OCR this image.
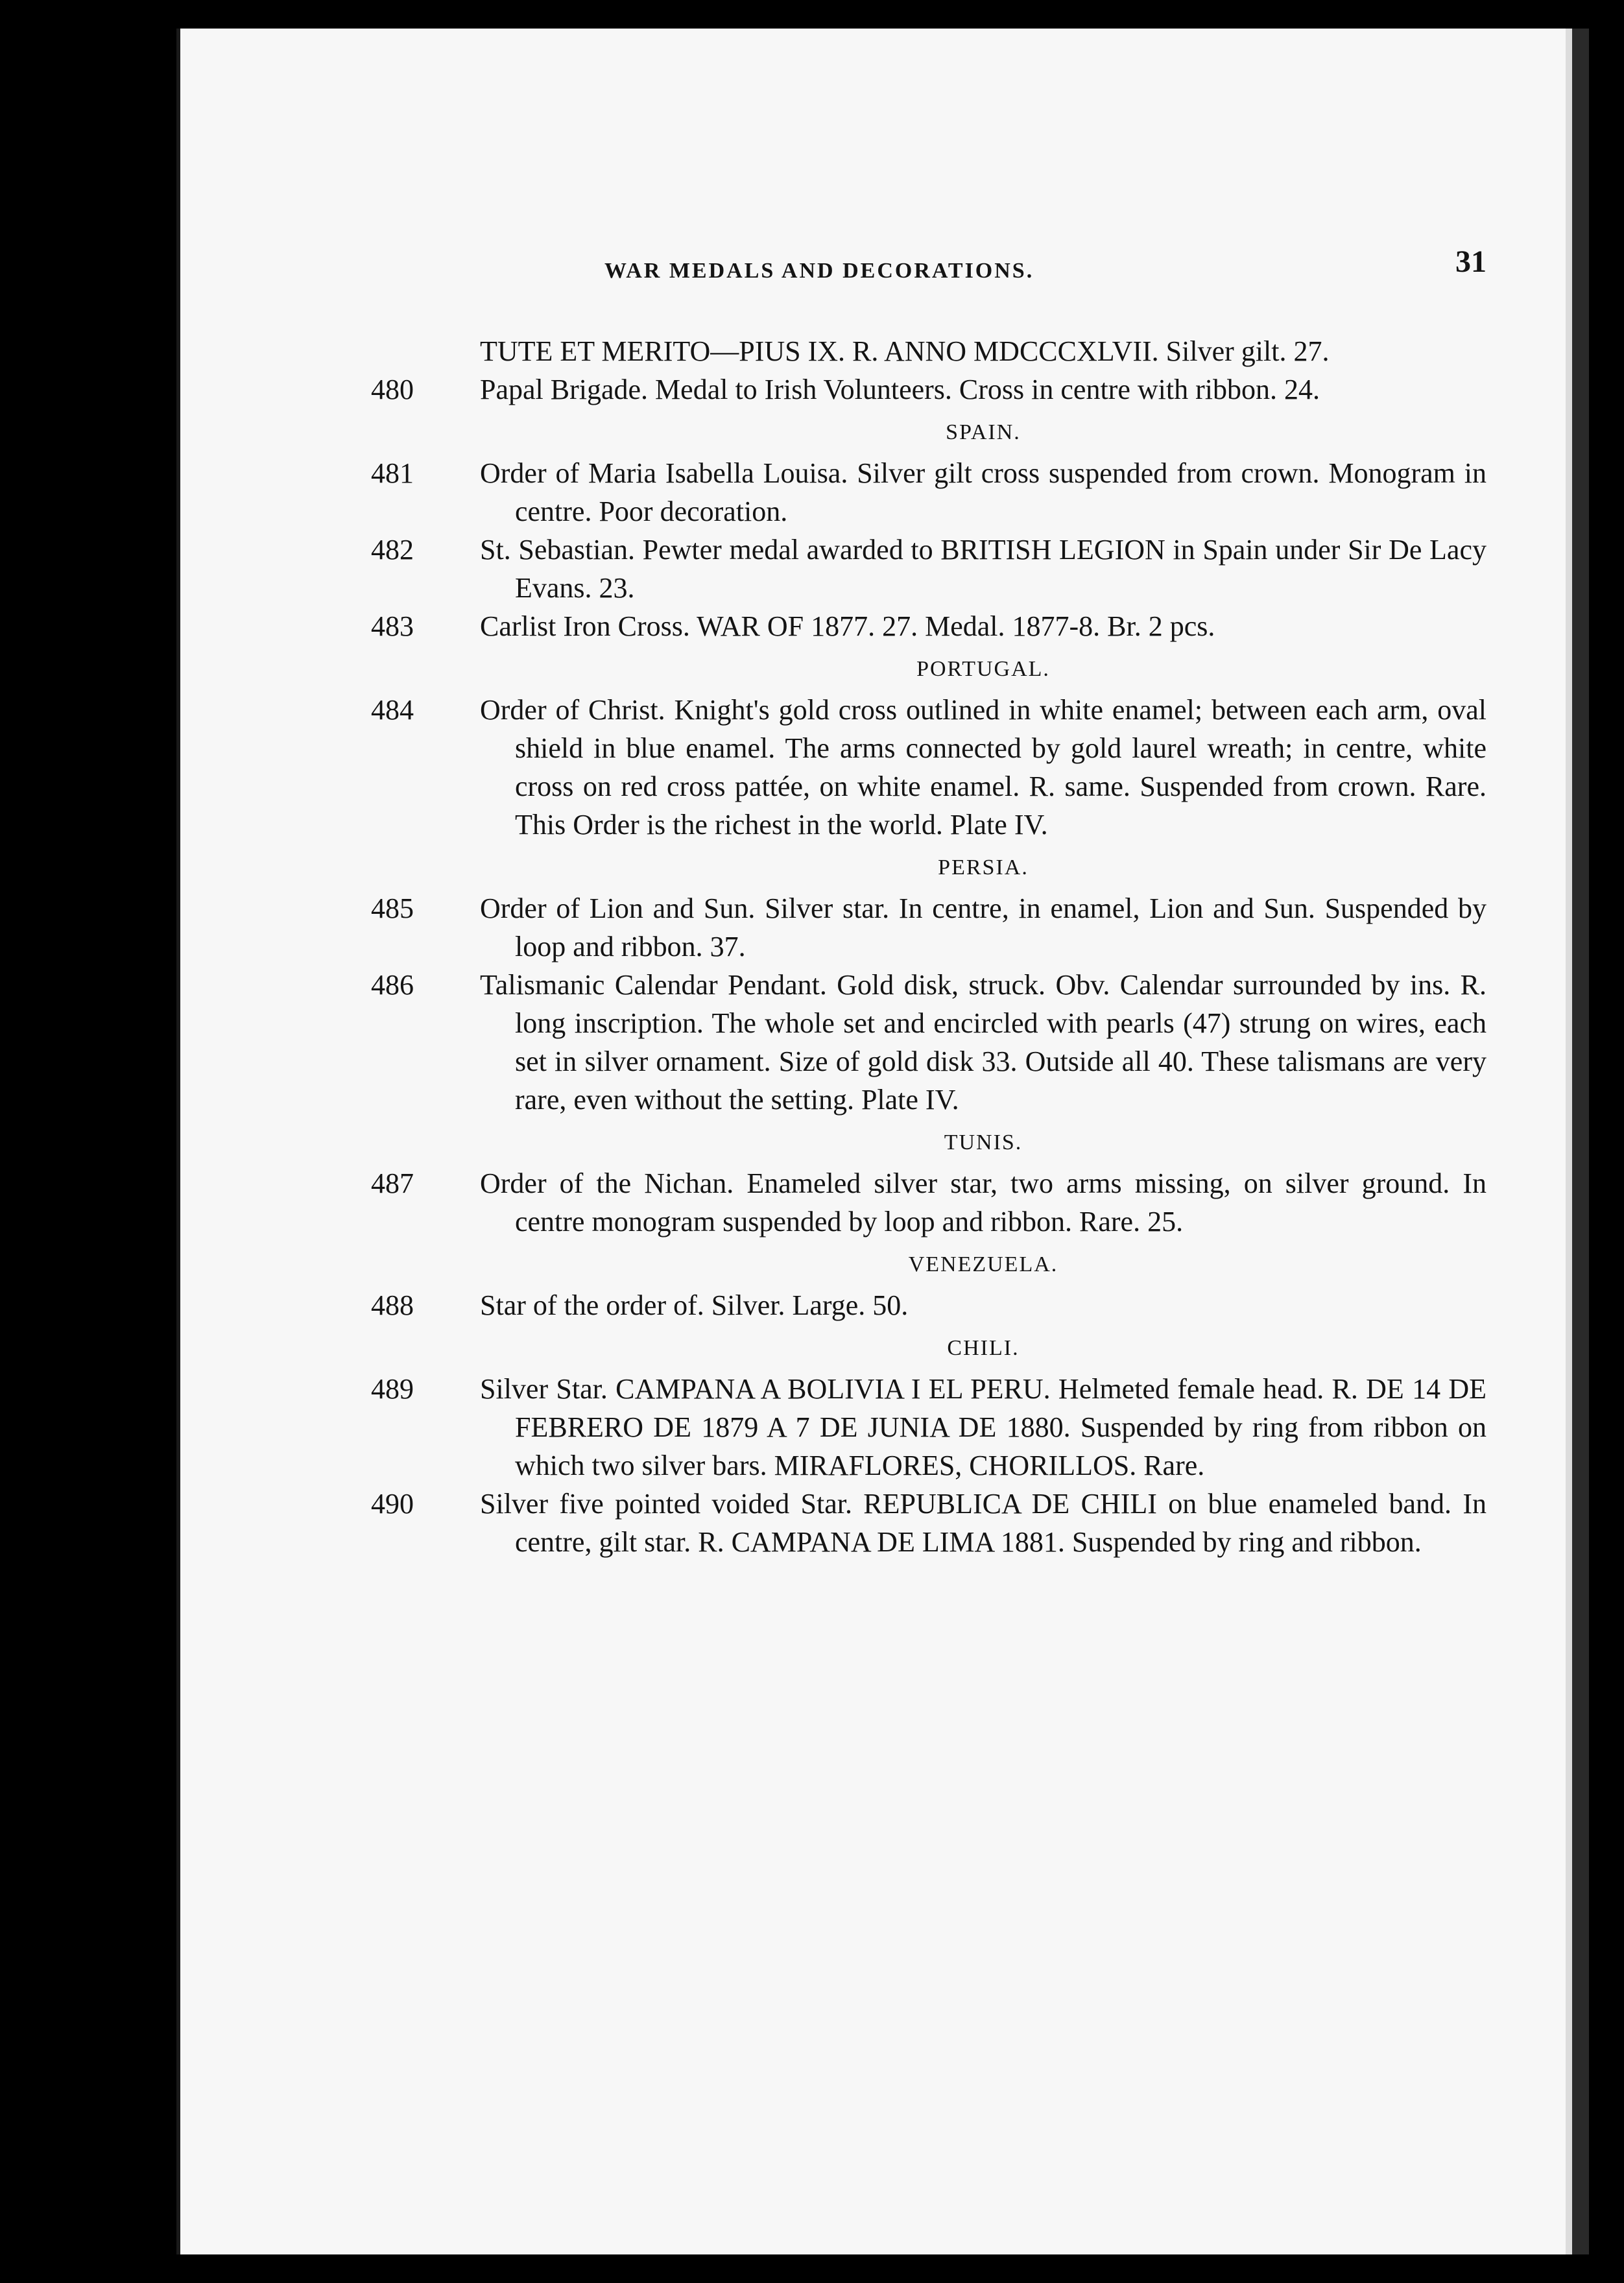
WAR MEDALS AND DECORATIONS.	31
TUTE ET MERITO—PIUS IX. R. ANNO MDCCCXLVII. Silver gilt. 27.
480 Papal Brigade. Medal to Irish Volunteers. Cross in centre with ribbon. 24.
SPAIN.
481 Order of Maria Isabella Louisa. Silver gilt cross suspended from crown. Monogram in centre. Poor decoration.
482 St. Sebastian. Pewter medal awarded to BRITISH LEGION in Spain under Sir De Lacy Evans. 23.
483 Carlist Iron Cross. WAR OF 1877. 27. Medal. 1877-8. Br. 2 pcs.
PORTUGAL.
484 Order of Christ. Knight's gold cross outlined in white enamel; between each arm, oval shield in blue enamel. The arms connected by gold laurel wreath; in centre, white cross on red cross pattée, on white enamel. R. same. Suspended from crown. Rare. This Order is the richest in the world. Plate IV.
PERSIA.
485 Order of Lion and Sun. Silver star. In centre, in enamel, Lion and Sun. Suspended by loop and ribbon. 37.
486 Talismanic Calendar Pendant. Gold disk, struck. Obv. Calendar surrounded by ins. R. long inscription. The whole set and encircled with pearls (47) strung on wires, each set in silver ornament. Size of gold disk 33. Outside all 40. These talismans are very rare, even without the setting. Plate IV.
TUNIS.
487 Order of the Nichan. Enameled silver star, two arms missing, on silver ground. In centre monogram suspended by loop and ribbon. Rare. 25.
VENEZUELA.
488 Star of the order of. Silver. Large. 50.
CHILI.
489 Silver Star. CAMPANA A BOLIVIA I EL PERU. Helmeted female head. R. DE 14 DE FEBRERO DE 1879 A 7 DE JUNIA DE 1880. Suspended by ring from ribbon on which two silver bars. MIRAFLORES, CHORILLOS. Rare.
490 Silver five pointed voided Star. REPUBLICA DE CHILI on blue enameled band. In centre, gilt star. R. CAMPANA DE LIMA 1881. Suspended by ring and ribbon.
